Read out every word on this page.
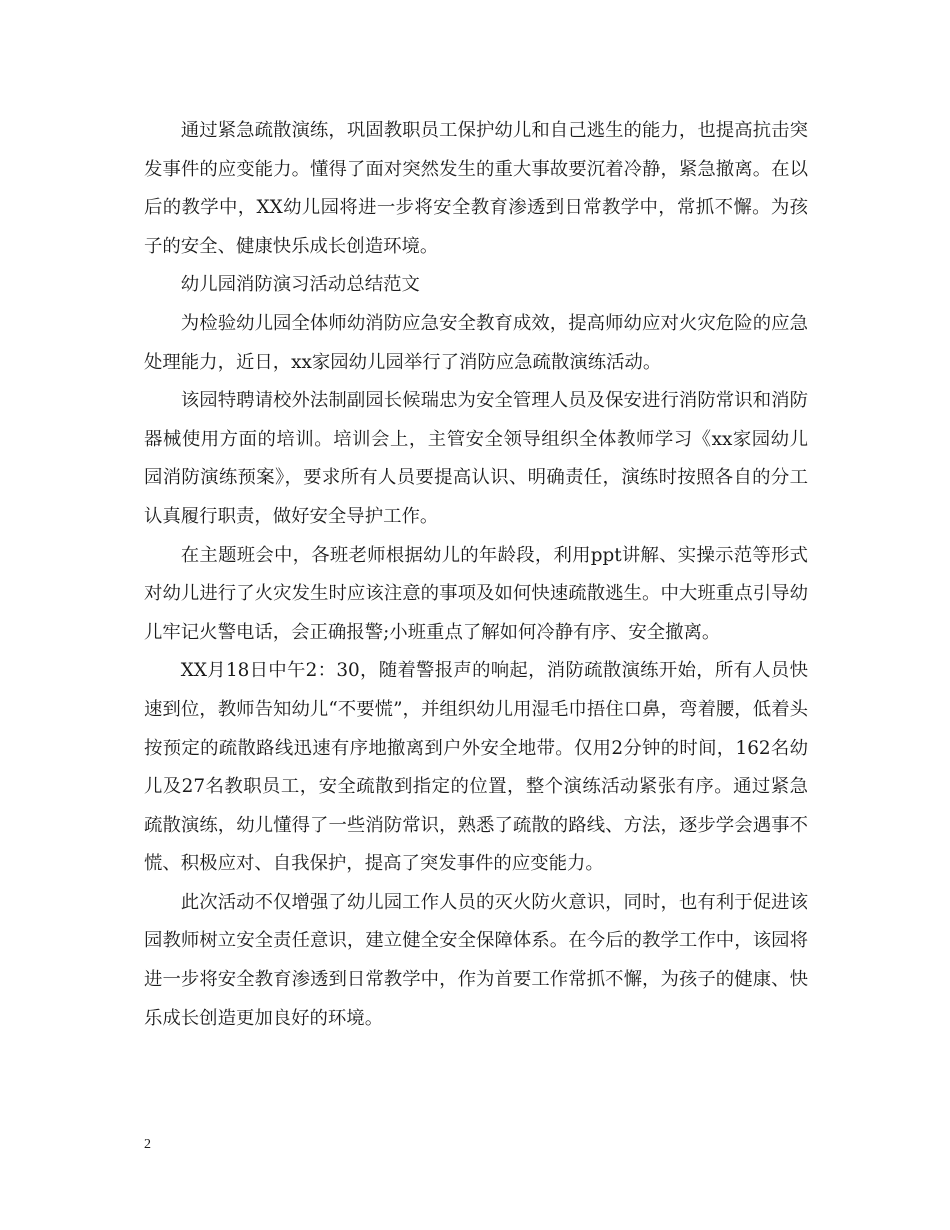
通过紧急疏散演练，巩固教职员工保护幼儿和自己逃生的能力，也提高抗击突发事件的应变能力。懂得了面对突然发生的重大事故要沉着冷静，紧急撤离。在以后的教学中，XX幼儿园将进一步将安全教育渗透到日常教学中，常抓不懈。为孩子的安全、健康快乐成长创造环境。

幼儿园消防演习活动总结范文

为检验幼儿园全体师幼消防应急安全教育成效，提高师幼应对火灾危险的应急处理能力，近日，xx家园幼儿园举行了消防应急疏散演练活动。

该园特聘请校外法制副园长候瑞忠为安全管理人员及保安进行消防常识和消防器械使用方面的培训。培训会上，主管安全领导组织全体教师学习《xx家园幼儿园消防演练预案》，要求所有人员要提高认识、明确责任，演练时按照各自的分工认真履行职责，做好安全导护工作。

在主题班会中，各班老师根据幼儿的年龄段，利用ppt讲解、实操示范等形式对幼儿进行了火灾发生时应该注意的事项及如何快速疏散逃生。中大班重点引导幼儿牢记火警电话，会正确报警;小班重点了解如何冷静有序、安全撤离。

XX月18日中午2：30，随着警报声的响起，消防疏散演练开始，所有人员快速到位，教师告知幼儿“不要慌”，并组织幼儿用湿毛巾捂住口鼻，弯着腰，低着头按预定的疏散路线迅速有序地撤离到户外安全地带。仅用2分钟的时间，162名幼儿及27名教职员工，安全疏散到指定的位置，整个演练活动紧张有序。通过紧急疏散演练，幼儿懂得了一些消防常识，熟悉了疏散的路线、方法，逐步学会遇事不慌、积极应对、自我保护，提高了突发事件的应变能力。

此次活动不仅增强了幼儿园工作人员的灭火防火意识，同时，也有利于促进该园教师树立安全责任意识，建立健全安全保障体系。在今后的教学工作中，该园将进一步将安全教育渗透到日常教学中，作为首要工作常抓不懈，为孩子的健康、快乐成长创造更加良好的环境。

2
